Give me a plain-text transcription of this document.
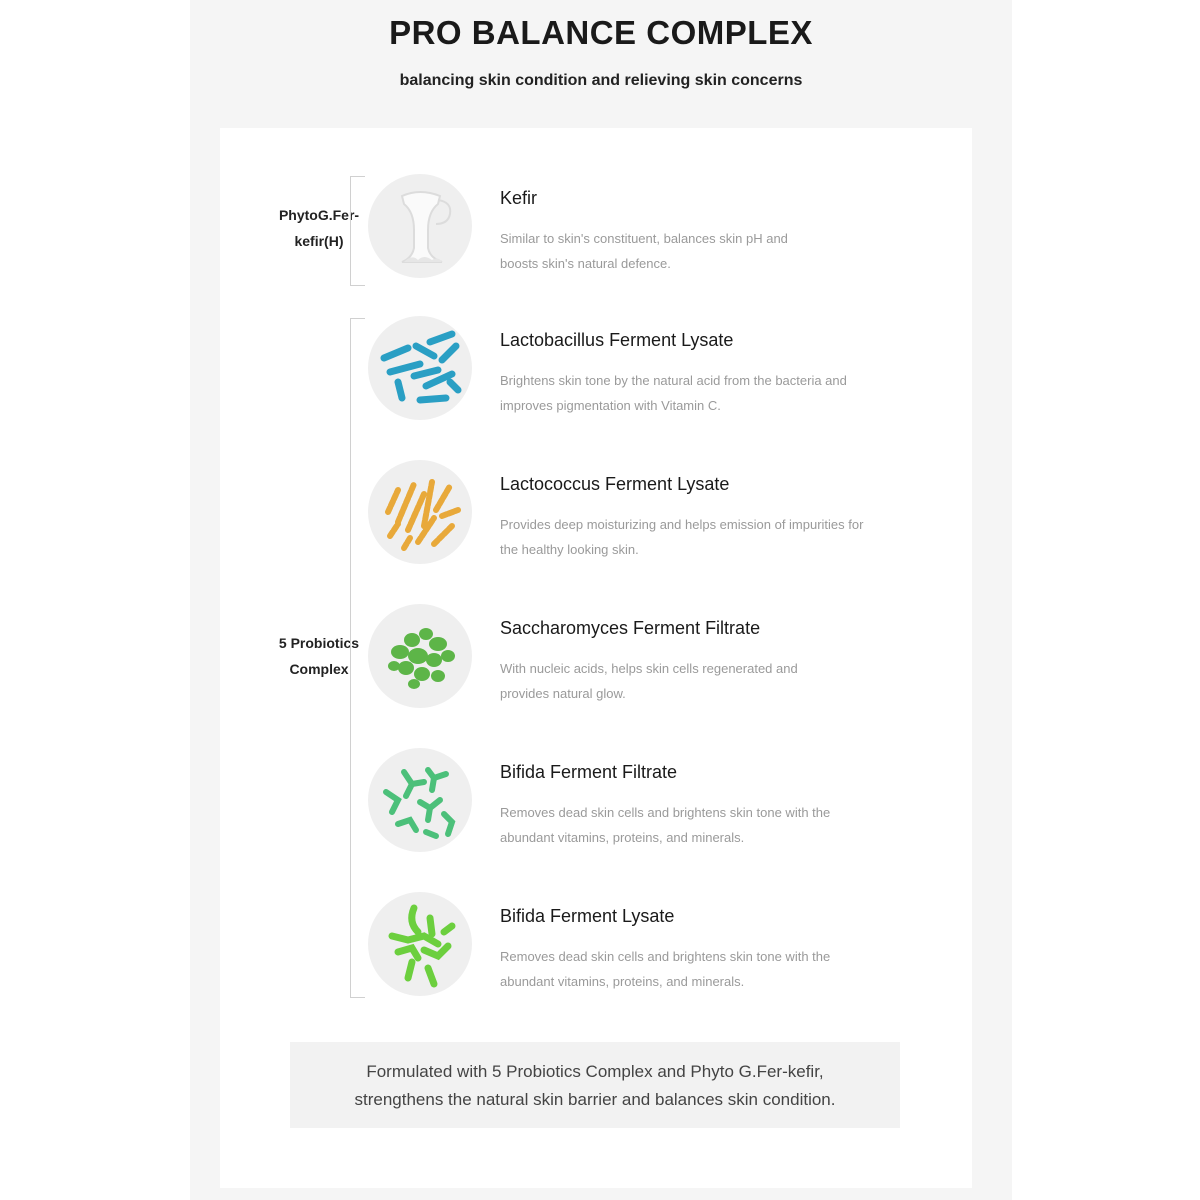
PRO BALANCE COMPLEX
balancing skin condition and relieving skin concerns
PhytoG.Fer-
kefir(H)
5 Probiotics
Complex
Kefir
Similar to skin's constituent, balances skin pH and
boosts skin's natural defence.
Lactobacillus Ferment Lysate
Brightens skin tone by the natural acid from the bacteria and
improves pigmentation with Vitamin C.
Lactococcus Ferment Lysate
Provides deep moisturizing and helps emission of impurities for
the healthy looking skin.
Saccharomyces Ferment Filtrate
With nucleic acids, helps skin cells regenerated and
provides natural glow.
Bifida Ferment Filtrate
Removes dead skin cells and brightens skin tone with the
abundant vitamins, proteins, and minerals.
Bifida Ferment Lysate
Removes dead skin cells and brightens skin tone with the
abundant vitamins, proteins, and minerals.
Formulated with 5 Probiotics Complex and Phyto G.Fer-kefir,
strengthens the natural skin barrier and balances skin condition.
